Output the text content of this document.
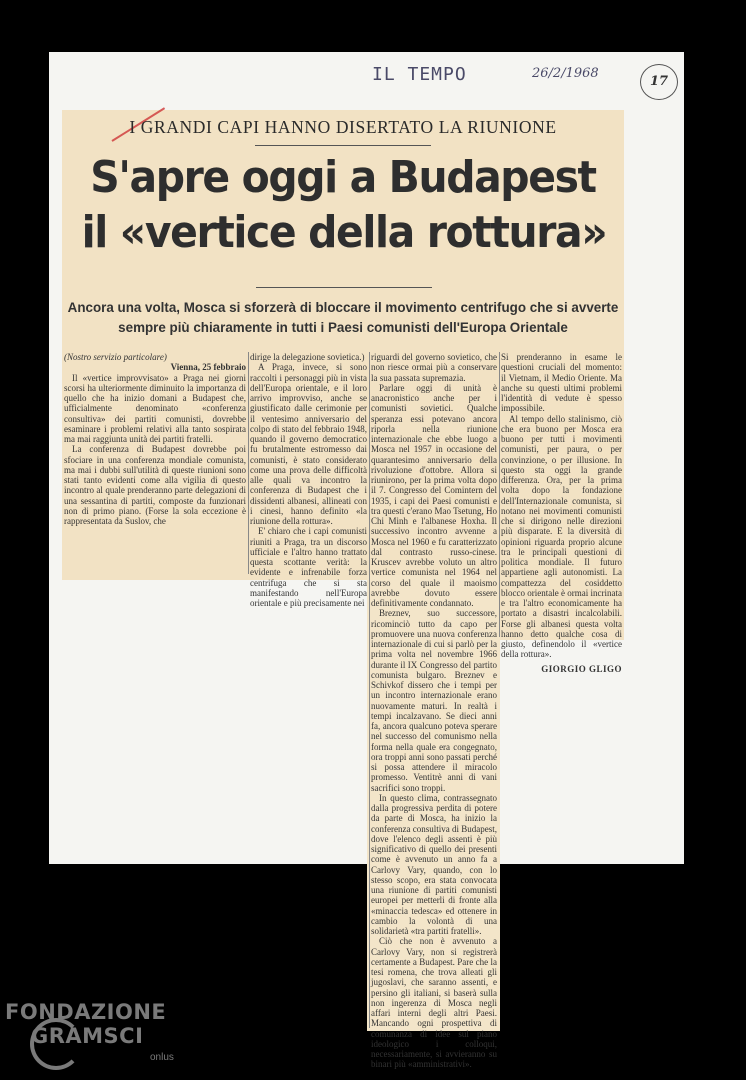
IL TEMPO	26/2/1968
17
I GRANDI CAPI HANNO DISERTATO LA RIUNIONE
S'apre oggi a Budapest
il «vertice della rottura»
Ancora una volta, Mosca si sforzerà di bloccare il movimento centrifugo che si avverte sempre più chiaramente in tutti i Paesi comunisti dell'Europa Orientale

(Nostro servizio particolare)

Vienna, 25 febbraio

Il «vertice improvvisato» a Praga nei giorni scorsi ha ulteriormente diminuito la importanza di quello che ha inizio domani a Budapest che, ufficialmente denominato «conferenza consultiva» dei partiti comunisti, dovrebbe esaminare i problemi relativi alla tanto sospirata ma mai raggiunta unità dei partiti fratelli.

La conferenza di Budapest dovrebbe poi sfociare in una conferenza mondiale comunista, ma mai i dubbi sull'utilità di queste riunioni sono stati tanto evidenti come alla vigilia di questo incontro al quale prenderanno parte delegazioni di una sessantina di partiti, composte da funzionari non di primo piano. (Forse la sola eccezione è rappresentata da Suslov, che

dirige la delegazione sovietica.)

A Praga, invece, si sono raccolti i personaggi più in vista dell'Europa orientale, e il loro arrivo improvviso, anche se giustificato dalle cerimonie per il ventesimo anniversario del colpo di stato del febbraio 1948, quando il governo democratico fu brutalmente estromesso dai comunisti, è stato considerato come una prova delle difficoltà alle quali va incontro la conferenza di Budapest che i dissidenti albanesi, allineati con i cinesi, hanno definito «la riunione della rottura».

E' chiaro che i capi comunisti riuniti a Praga, tra un discorso ufficiale e l'altro hanno trattato questa scottante verità: la evidente e infrenabile forza centrifuga che si sta manifestando nell'Europa orientale e più precisamente nei

riguardi del governo sovietico, che non riesce ormai più a conservare la sua passata supremazia.

Parlare oggi di unità è anacronistico anche per i comunisti sovietici. Qualche speranza essi potevano ancora riporla nella riunione internazionale che ebbe luogo a Mosca nel 1957 in occasione del quarantesimo anniversario della rivoluzione d'ottobre. Allora si riunirono, per la prima volta dopo il 7. Congresso del Comintern del 1935, i capi dei Paesi comunisti e tra questi c'erano Mao Tsetung, Ho Chi Minh e l'albanese Hoxha. Il successivo incontro avvenne a Mosca nel 1960 e fu caratterizzato dal contrasto russo-cinese. Kruscev avrebbe voluto un altro vertice comunista nel 1964 nel corso del quale il maoismo avrebbe dovuto essere definitivamente condannato.

Breznev, suo successore, ricominciò tutto da capo per promuovere una nuova conferenza internazionale di cui si parlò per la prima volta nel novembre 1966 durante il IX Congresso del partito comunista bulgaro. Breznev e Schivkof dissero che i tempi per un incontro internazionale erano nuovamente maturi. In realtà i tempi incalzavano. Se dieci anni fa, ancora qualcuno poteva sperare nel successo del comunismo nella forma nella quale era congegnato, ora troppi anni sono passati perché si possa attendere il miracolo promesso. Ventitrè anni di vani sacrifici sono troppi.

In questo clima, contrassegnato dalla progressiva perdita di potere da parte di Mosca, ha inizio la conferenza consultiva di Budapest, dove l'elenco degli assenti è più significativo di quello dei presenti come è avvenuto un anno fa a Carlovy Vary, quando, con lo stesso scopo, era stata convocata una riunione di partiti comunisti europei per metterli di fronte alla «minaccia tedesca» ed ottenere in cambio la volontà di una solidarietà «tra partiti fratelli».

Ciò che non è avvenuto a Carlovy Vary, non si registrerà certamente a Budapest. Pare che la tesi romena, che trova alleati gli jugoslavi, che saranno assenti, e persino gli italiani, si baserà sulla non ingerenza di Mosca negli affari interni degli altri Paesi. Mancando ogni prospettiva di comunanza di idee sul piano ideologico i colloqui, necessariamente, si avvieranno su binari più «amministrativi».

Si prenderanno in esame le questioni cruciali del momento: il Vietnam, il Medio Oriente. Ma anche su questi ultimi problemi l'identità di vedute è spesso impossibile.

Al tempo dello stalinismo, ciò che era buono per Mosca era buono per tutti i movimenti comunisti, per paura, o per convinzione, o per illusione. In questo sta oggi la grande differenza. Ora, per la prima volta dopo la fondazione dell'Internazionale comunista, si notano nei movimenti comunisti che si dirigono nelle direzioni più disparate. E la diversità di opinioni riguarda proprio alcune tra le principali questioni di politica mondiale. Il futuro appartiene agli autonomisti. La compattezza del cosiddetto blocco orientale è ormai incrinata e tra l'altro economicamente ha portato a disastri incalcolabili. Forse gli albanesi questa volta hanno detto qualche cosa di giusto, definendolo il «vertice della rottura».

GIORGIO GLIGO

FONDAZIONE
GRAMSCI
onlus
